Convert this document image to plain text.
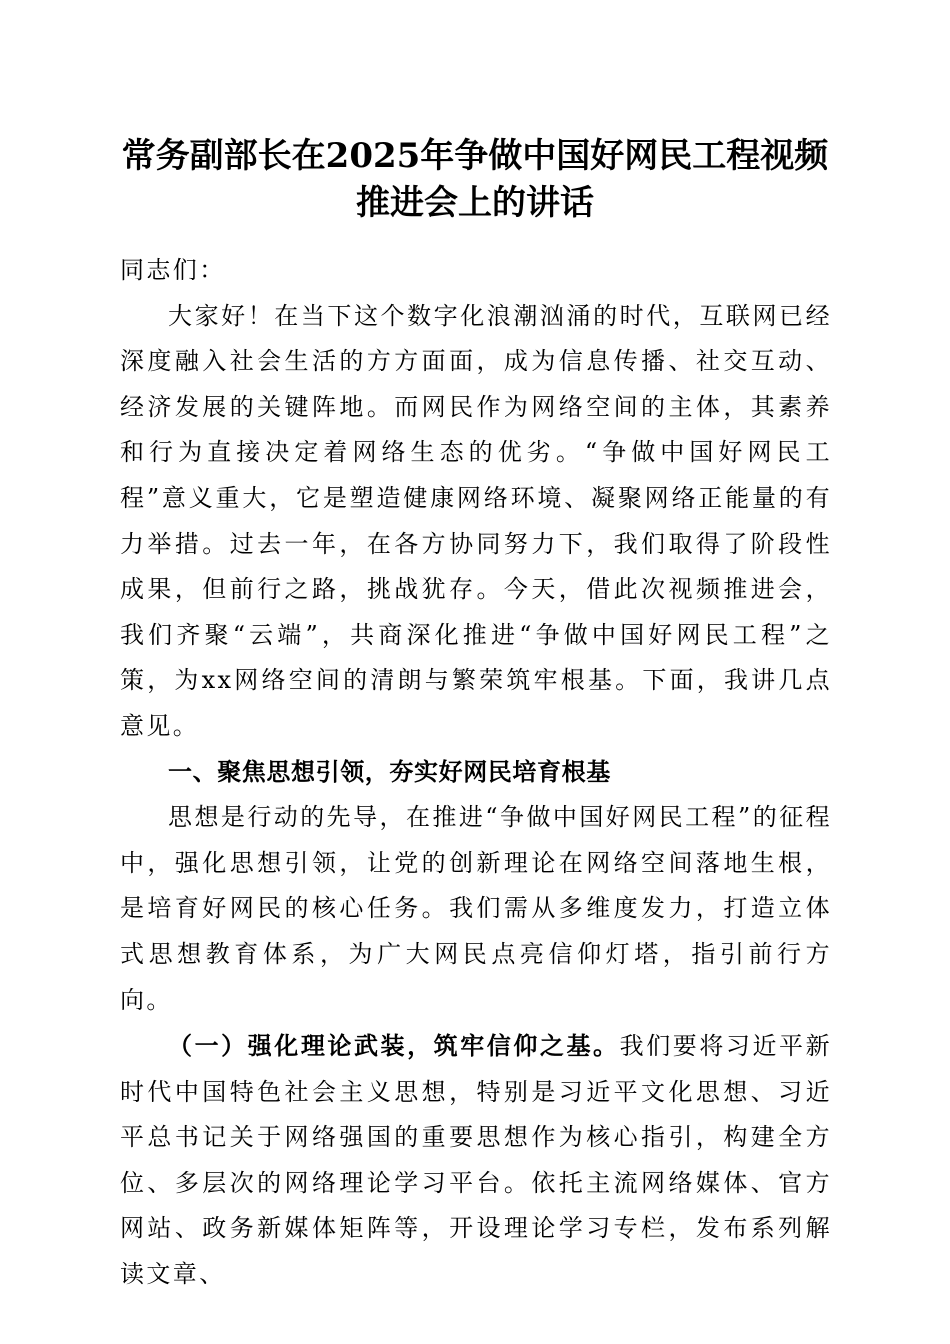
常务副部长在2025年争做中国好网民工程视频推进会上的讲话

同志们：

大家好！在当下这个数字化浪潮汹涌的时代，互联网已经深度融入社会生活的方方面面，成为信息传播、社交互动、经济发展的关键阵地。而网民作为网络空间的主体，其素养和行为直接决定着网络生态的优劣。“争做中国好网民工程”意义重大，它是塑造健康网络环境、凝聚网络正能量的有力举措。过去一年，在各方协同努力下，我们取得了阶段性成果，但前行之路，挑战犹存。今天，借此次视频推进会，我们齐聚“云端”，共商深化推进“争做中国好网民工程”之策，为xx网络空间的清朗与繁荣筑牢根基。下面，我讲几点意见。

一、聚焦思想引领，夯实好网民培育根基

思想是行动的先导，在推进“争做中国好网民工程”的征程中，强化思想引领，让党的创新理论在网络空间落地生根，是培育好网民的核心任务。我们需从多维度发力，打造立体式思想教育体系，为广大网民点亮信仰灯塔，指引前行方向。

（一）强化理论武装，筑牢信仰之基。我们要将习近平新时代中国特色社会主义思想，特别是习近平文化思想、习近平总书记关于网络强国的重要思想作为核心指引，构建全方位、多层次的网络理论学习平台。依托主流网络媒体、官方网站、政务新媒体矩阵等，开设理论学习专栏，发布系列解读文章、
